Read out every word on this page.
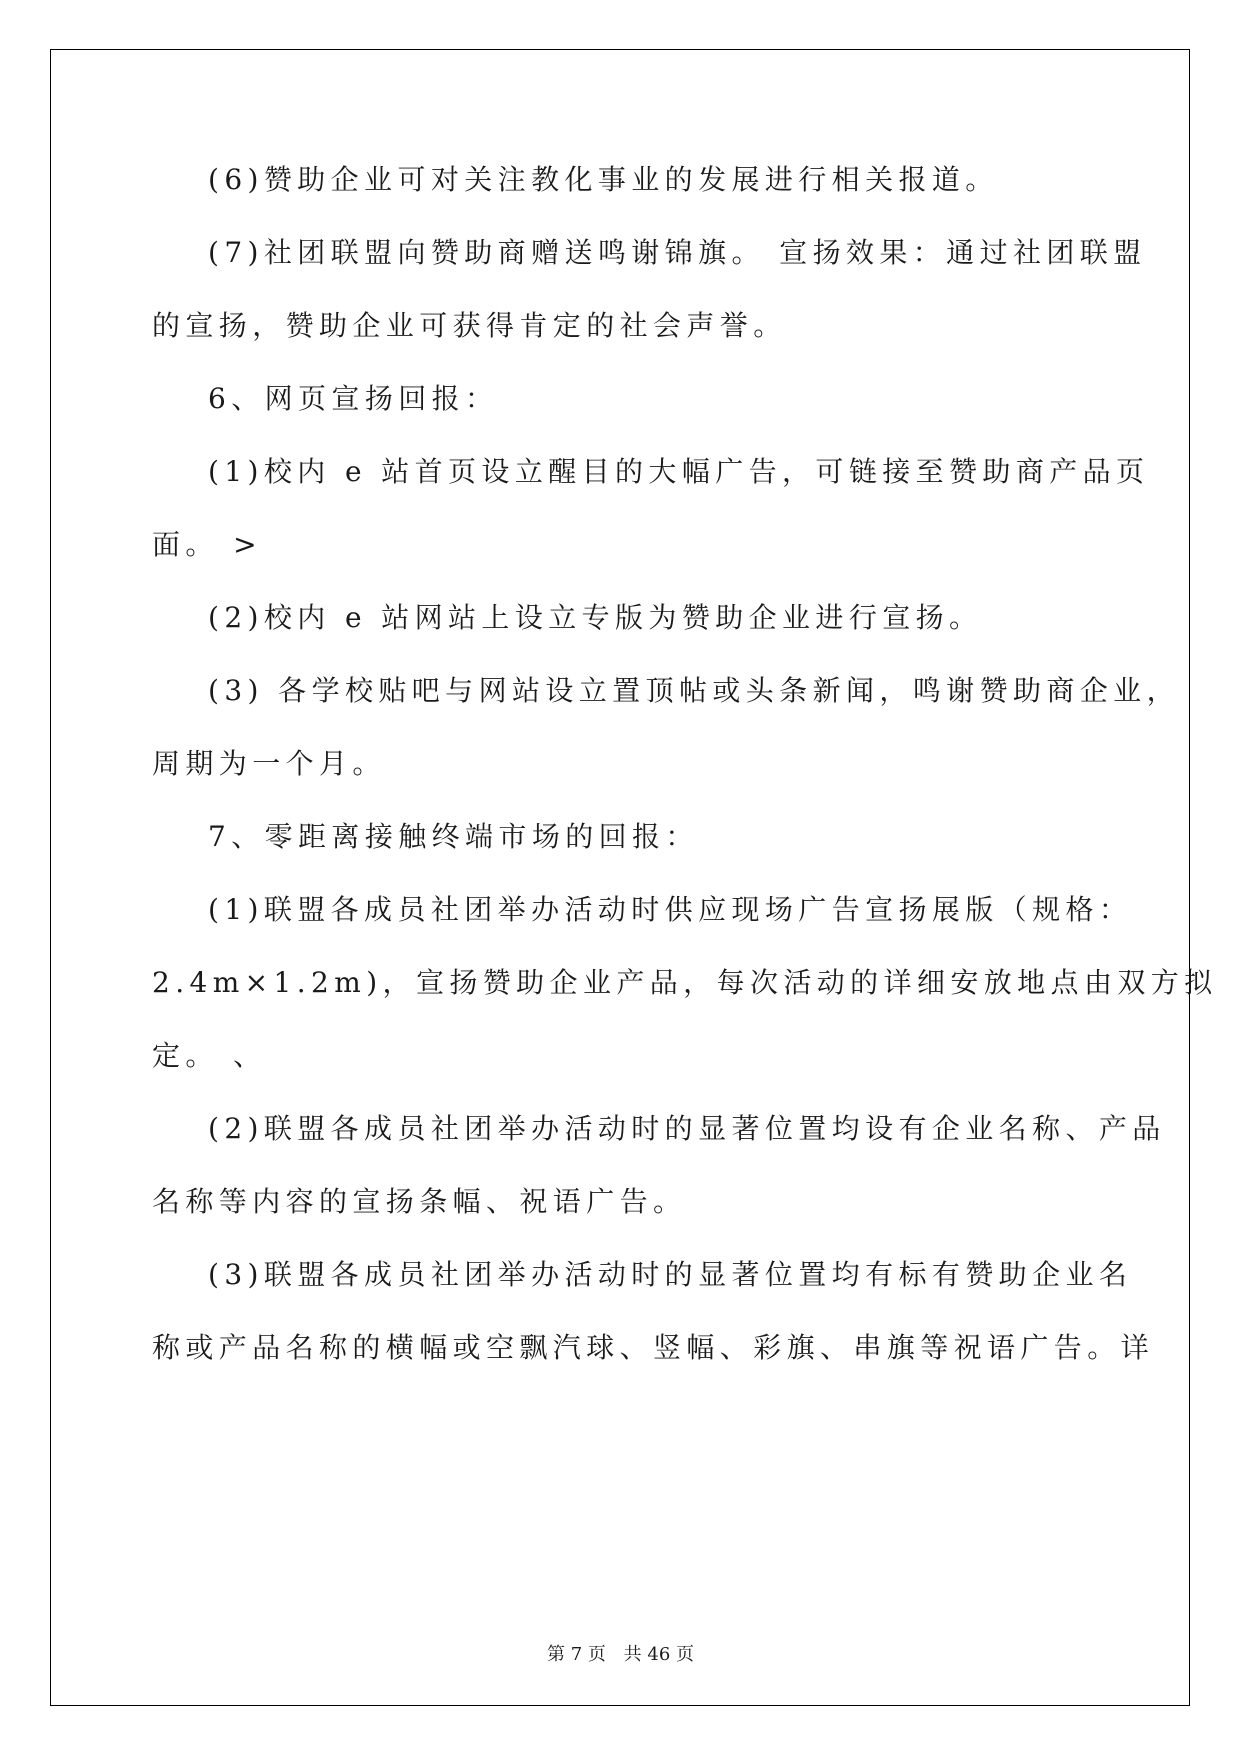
(6)赞助企业可对关注教化事业的发展进行相关报道。
(7)社团联盟向赞助商赠送鸣谢锦旗。 宣扬效果：通过社团联盟
的宣扬，赞助企业可获得肯定的社会声誉。
6、网页宣扬回报：
(1)校内 e 站首页设立醒目的大幅广告，可链接至赞助商产品页
面。 >
(2)校内 e 站网站上设立专版为赞助企业进行宣扬。
(3) 各学校贴吧与网站设立置顶帖或头条新闻，鸣谢赞助商企业，
周期为一个月。
7、零距离接触终端市场的回报：
(1)联盟各成员社团举办活动时供应现场广告宣扬展版（规格：
2.4m×1.2m)，宣扬赞助企业产品，每次活动的详细安放地点由双方拟
定。 、
(2)联盟各成员社团举办活动时的显著位置均设有企业名称、产品
名称等内容的宣扬条幅、祝语广告。
(3)联盟各成员社团举办活动时的显著位置均有标有赞助企业名
称或产品名称的横幅或空飘汽球、竖幅、彩旗、串旗等祝语广告。详
第 7 页 共 46 页
